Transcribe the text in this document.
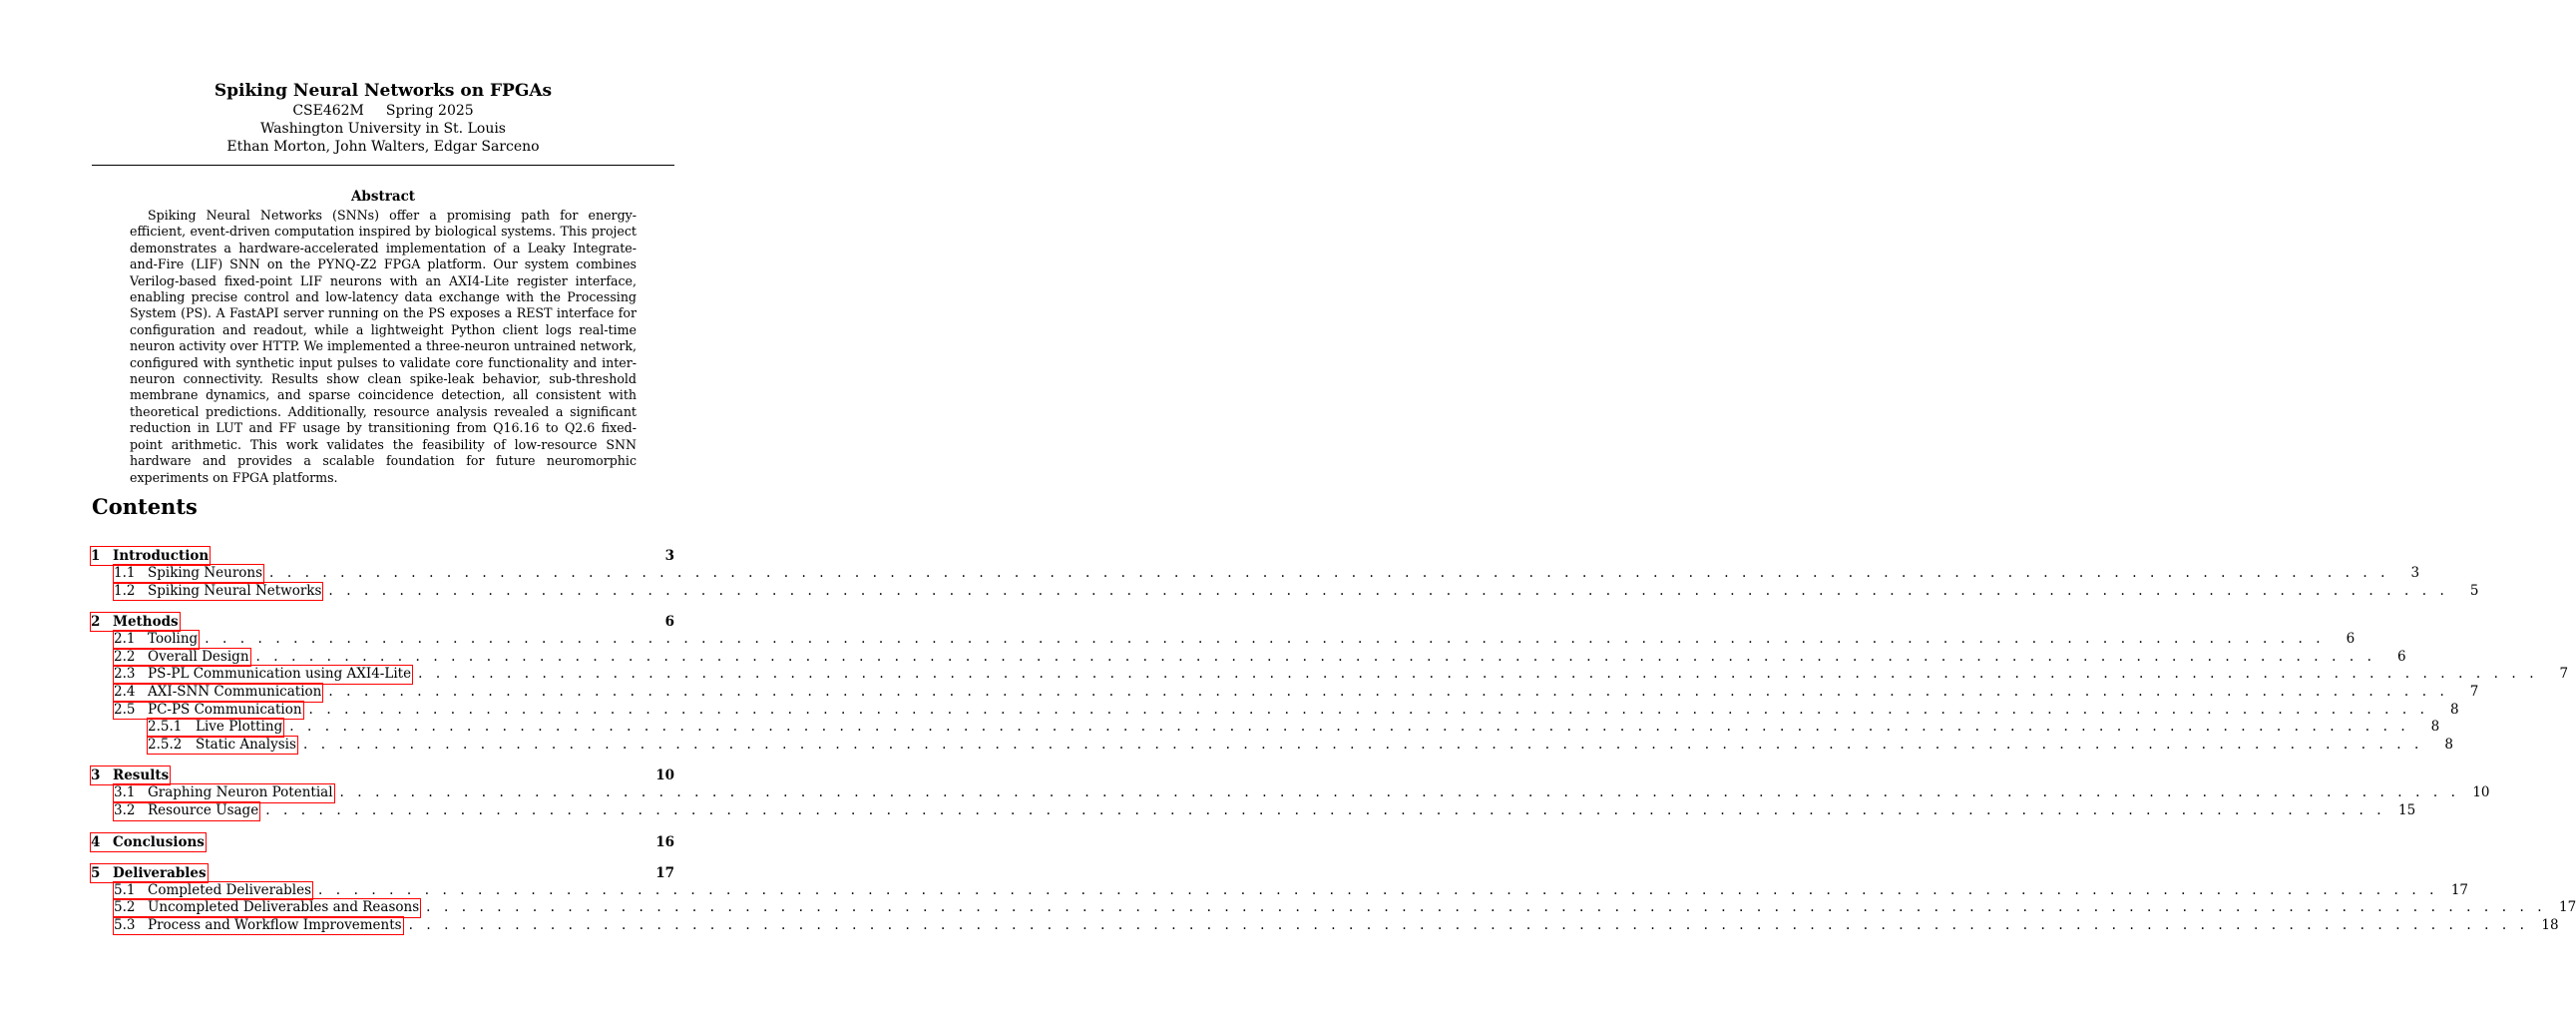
Spiking Neural Networks on FPGAs
CSE462M Spring 2025
Washington University in St. Louis
Ethan Morton, John Walters, Edgar Sarceno
Abstract

Spiking Neural Networks (SNNs) offer a promising path for energy-efficient, event-driven computation inspired by biological systems. This project demonstrates a hardware-accelerated implementation of a Leaky Integrate-and-Fire (LIF) SNN on the PYNQ-Z2 FPGA platform. Our system combines Verilog-based fixed-point LIF neurons with an AXI4-Lite register interface, enabling precise control and low-latency data exchange with the Processing System (PS). A FastAPI server running on the PS exposes a REST interface for configuration and readout, while a lightweight Python client logs real-time neuron activity over HTTP. We implemented a three-neuron untrained network, configured with synthetic input pulses to validate core functionality and inter-neuron connectivity. Results show clean spike-leak behavior, sub-threshold membrane dynamics, and sparse coincidence detection, all consistent with theoretical predictions. Additionally, resource analysis revealed a significant reduction in LUT and FF usage by transitioning from Q16.16 to Q2.6 fixed-point arithmetic. This work validates the feasibility of low-resource SNN hardware and provides a scalable foundation for future neuromorphic experiments on FPGA platforms.

Contents
1 Introduction	3
1.1 Spiking Neurons . . . . . . . . . . . . . . . . . . . . . . . . . . . . . . . . . . . . . . . . . . . . . . . . . . . . . . . . . . . . . . . . . . . . . . . . . . . . . . . . . . . . . . . . . . . . . . . . . . . . . . . . . . . . . . . . . . . . . . . .	3
1.2 Spiking Neural Networks . . . . . . . . . . . . . . . . . . . . . . . . . . . . . . . . . . . . . . . . . . . . . . . . . . . . . . . . . . . . . . . . . . . . . . . . . . . . . . . . . . . . . . . . . . . . . . . . . . . . . . . . . . . . . . . . . . . . . . . .	5
2 Methods	6
2.1 Tooling . . . . . . . . . . . . . . . . . . . . . . . . . . . . . . . . . . . . . . . . . . . . . . . . . . . . . . . . . . . . . . . . . . . . . . . . . . . . . . . . . . . . . . . . . . . . . . . . . . . . . . . . . . . . . . . . . . . . . . . .	6
2.2 Overall Design . . . . . . . . . . . . . . . . . . . . . . . . . . . . . . . . . . . . . . . . . . . . . . . . . . . . . . . . . . . . . . . . . . . . . . . . . . . . . . . . . . . . . . . . . . . . . . . . . . . . . . . . . . . . . . . . . . . . . . . .	6
2.3 PS-PL Communication using AXI4-Lite . . . . . . . . . . . . . . . . . . . . . . . . . . . . . . . . . . . . . . . . . . . . . . . . . . . . . . . . . . . . . . . . . . . . . . . . . . . . . . . . . . . . . . . . . . . . . . . . . . . . . . . . . . . . . . . . . . . . . . . .	7
2.4 AXI-SNN Communication . . . . . . . . . . . . . . . . . . . . . . . . . . . . . . . . . . . . . . . . . . . . . . . . . . . . . . . . . . . . . . . . . . . . . . . . . . . . . . . . . . . . . . . . . . . . . . . . . . . . . . . . . . . . . . . . . . . . . . . .	7
2.5 PC-PS Communication . . . . . . . . . . . . . . . . . . . . . . . . . . . . . . . . . . . . . . . . . . . . . . . . . . . . . . . . . . . . . . . . . . . . . . . . . . . . . . . . . . . . . . . . . . . . . . . . . . . . . . . . . . . . . . . . . . . . . . . .	8
2.5.1	Live Plotting . . . . . . . . . . . . . . . . . . . . . . . . . . . . . . . . . . . . . . . . . . . . . . . . . . . . . . . . . . . . . . . . . . . . . . . . . . . . . . . . . . . . . . . . . . . . . . . . . . . . . . . . . . . . . . . . . . . . . . . .	8
2.5.2	Static Analysis . . . . . . . . . . . . . . . . . . . . . . . . . . . . . . . . . . . . . . . . . . . . . . . . . . . . . . . . . . . . . . . . . . . . . . . . . . . . . . . . . . . . . . . . . . . . . . . . . . . . . . . . . . . . . . . . . . . . . . . .	8
3 Results	10
3.1 Graphing Neuron Potential . . . . . . . . . . . . . . . . . . . . . . . . . . . . . . . . . . . . . . . . . . . . . . . . . . . . . . . . . . . . . . . . . . . . . . . . . . . . . . . . . . . . . . . . . . . . . . . . . . . . . . . . . . . . . . . . . . . . . . . . 10
3.2 Resource Usage . . . . . . . . . . . . . . . . . . . . . . . . . . . . . . . . . . . . . . . . . . . . . . . . . . . . . . . . . . . . . . . . . . . . . . . . . . . . . . . . . . . . . . . . . . . . . . . . . . . . . . . . . . . . . . . . . . . . . . . . 15
4 Conclusions	16
5 Deliverables	17
5.1 Completed Deliverables . . . . . . . . . . . . . . . . . . . . . . . . . . . . . . . . . . . . . . . . . . . . . . . . . . . . . . . . . . . . . . . . . . . . . . . . . . . . . . . . . . . . . . . . . . . . . . . . . . . . . . . . . . . . . . . . . . . . . . . . 17
5.2 Uncompleted Deliverables and Reasons . . . . . . . . . . . . . . . . . . . . . . . . . . . . . . . . . . . . . . . . . . . . . . . . . . . . . . . . . . . . . . . . . . . . . . . . . . . . . . . . . . . . . . . . . . . . . . . . . . . . . . . . . . . . . . . . . . . . . . . . 17
5.3 Process and Workflow Improvements . . . . . . . . . . . . . . . . . . . . . . . . . . . . . . . . . . . . . . . . . . . . . . . . . . . . . . . . . . . . . . . . . . . . . . . . . . . . . . . . . . . . . . . . . . . . . . . . . . . . . . . . . . . . . . . . . . . . . . . . 18
